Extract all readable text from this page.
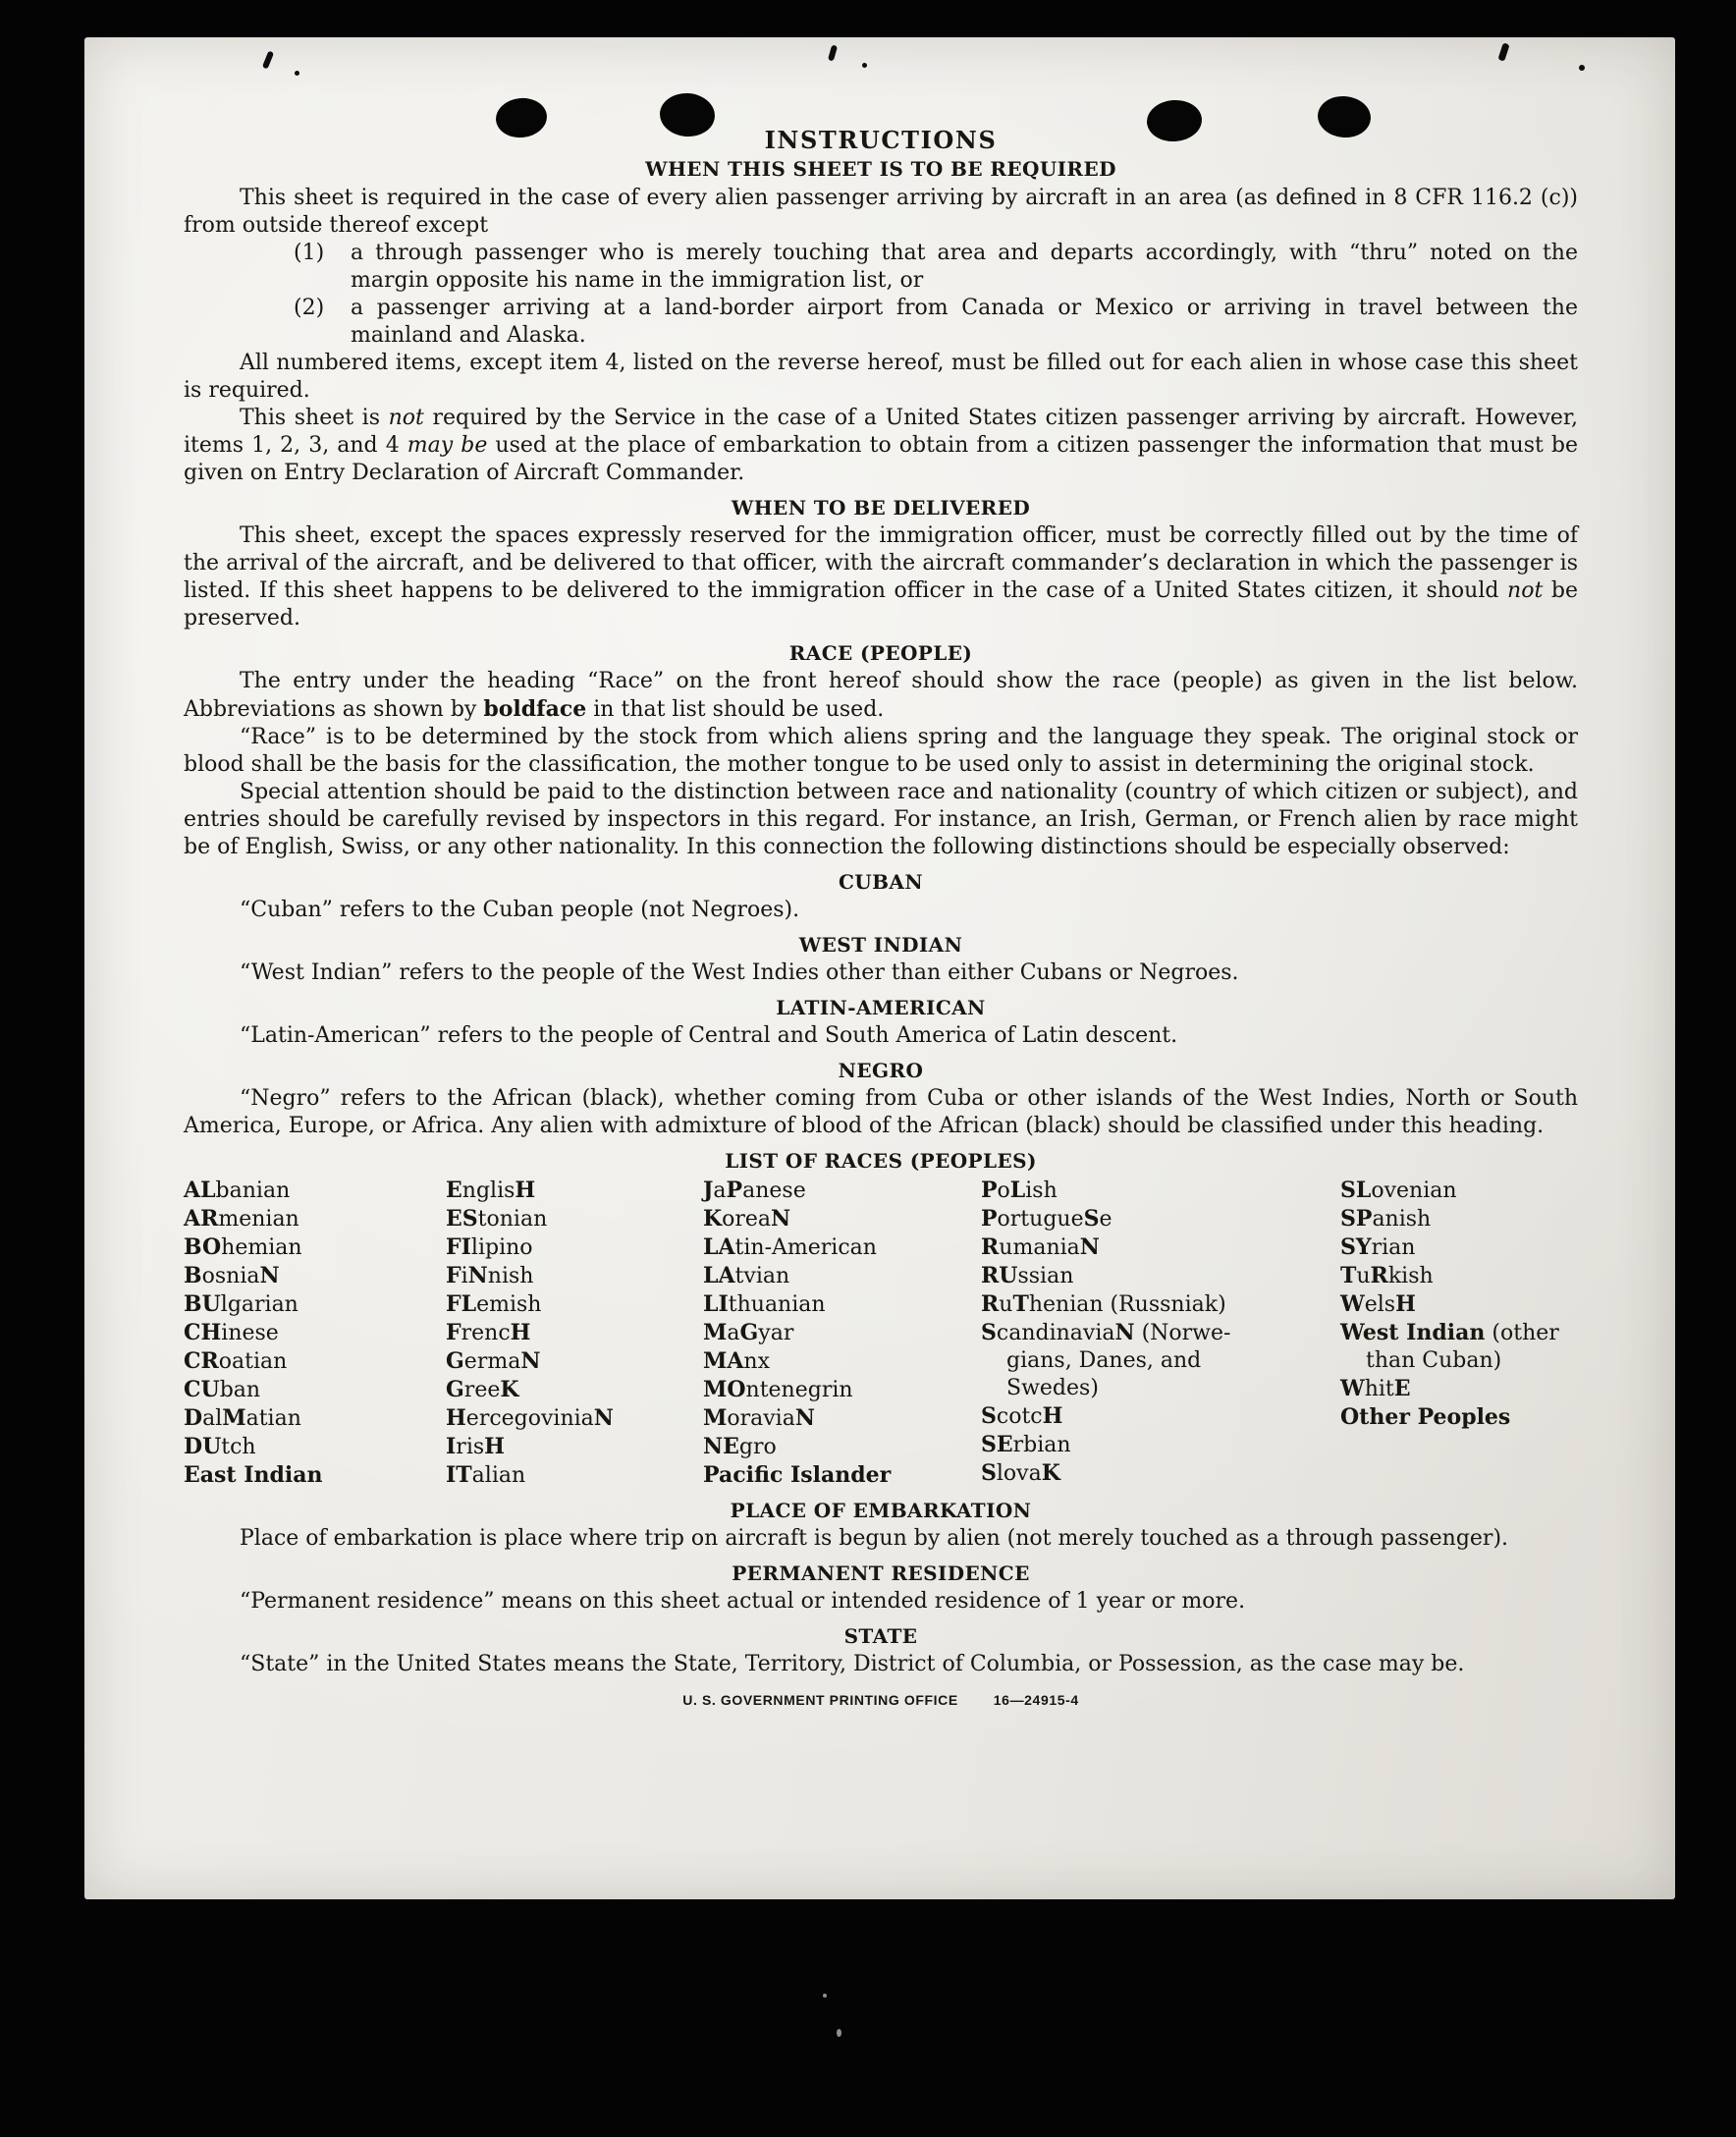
INSTRUCTIONS
WHEN THIS SHEET IS TO BE REQUIRED

This sheet is required in the case of every alien passenger arriving by aircraft in an area (as defined in 8 CFR 116.2 (c)) from outside thereof except

(1) a through passenger who is merely touching that area and departs accordingly, with “thru” noted on the margin opposite his name in the immigration list, or
(2) a passenger arriving at a land-border airport from Canada or Mexico or arriving in travel between the mainland and Alaska.

All numbered items, except item 4, listed on the reverse hereof, must be filled out for each alien in whose case this sheet is required.

This sheet is not required by the Service in the case of a United States citizen passenger arriving by aircraft. However, items 1, 2, 3, and 4 may be used at the place of embarkation to obtain from a citizen passenger the information that must be given on Entry Declaration of Aircraft Commander.

WHEN TO BE DELIVERED

This sheet, except the spaces expressly reserved for the immigration officer, must be correctly filled out by the time of the arrival of the aircraft, and be delivered to that officer, with the aircraft commander’s declaration in which the passenger is listed. If this sheet happens to be delivered to the immigration officer in the case of a United States citizen, it should not be preserved.

RACE (PEOPLE)

The entry under the heading “Race” on the front hereof should show the race (people) as given in the list below. Abbreviations as shown by boldface in that list should be used.

“Race” is to be determined by the stock from which aliens spring and the language they speak. The original stock or blood shall be the basis for the classification, the mother tongue to be used only to assist in determining the original stock.

Special attention should be paid to the distinction between race and nationality (country of which citizen or subject), and entries should be carefully revised by inspectors in this regard. For instance, an Irish, German, or French alien by race might be of English, Swiss, or any other nationality. In this connection the following distinctions should be especially observed:

CUBAN

“Cuban” refers to the Cuban people (not Negroes).

WEST INDIAN

“West Indian” refers to the people of the West Indies other than either Cubans or Negroes.

LATIN-AMERICAN

“Latin-American” refers to the people of Central and South America of Latin descent.

NEGRO

“Negro” refers to the African (black), whether coming from Cuba or other islands of the West Indies, North or South America, Europe, or Africa. Any alien with admixture of blood of the African (black) should be classified under this heading.

LIST OF RACES (PEOPLES)
ALbanian
ARmenian
BOhemian
BosniaN
BUlgarian
CHinese
CRoatian
CUban
DalMatian
DUtch
East Indian
EnglisH
EStonian
FIlipino
FiNnish
FLemish
FrencH
GermaN
GreeK
HercegoviniaN
IrisH
ITalian
JaPanese
KoreaN
LAtin-American
LAtvian
LIthuanian
MaGyar
MAnx
MOntenegrin
MoraviaN
NEgro
Pacific Islander
PoLish
PortugueSe
RumaniaN
RUssian
RuThenian (Russniak)
ScandinaviaN (Norwe-
gians, Danes, and
Swedes)
ScotcH
SErbian
SlovaK
SLovenian
SPanish
SYrian
TuRkish
WelsH
West Indian (other
than Cuban)
WhitE
Other Peoples
PLACE OF EMBARKATION

Place of embarkation is place where trip on aircraft is begun by alien (not merely touched as a through passenger).

PERMANENT RESIDENCE

“Permanent residence” means on this sheet actual or intended residence of 1 year or more.

STATE

“State” in the United States means the State, Territory, District of Columbia, or Possession, as the case may be.

U. S. GOVERNMENT PRINTING OFFICE	16—24915-4
